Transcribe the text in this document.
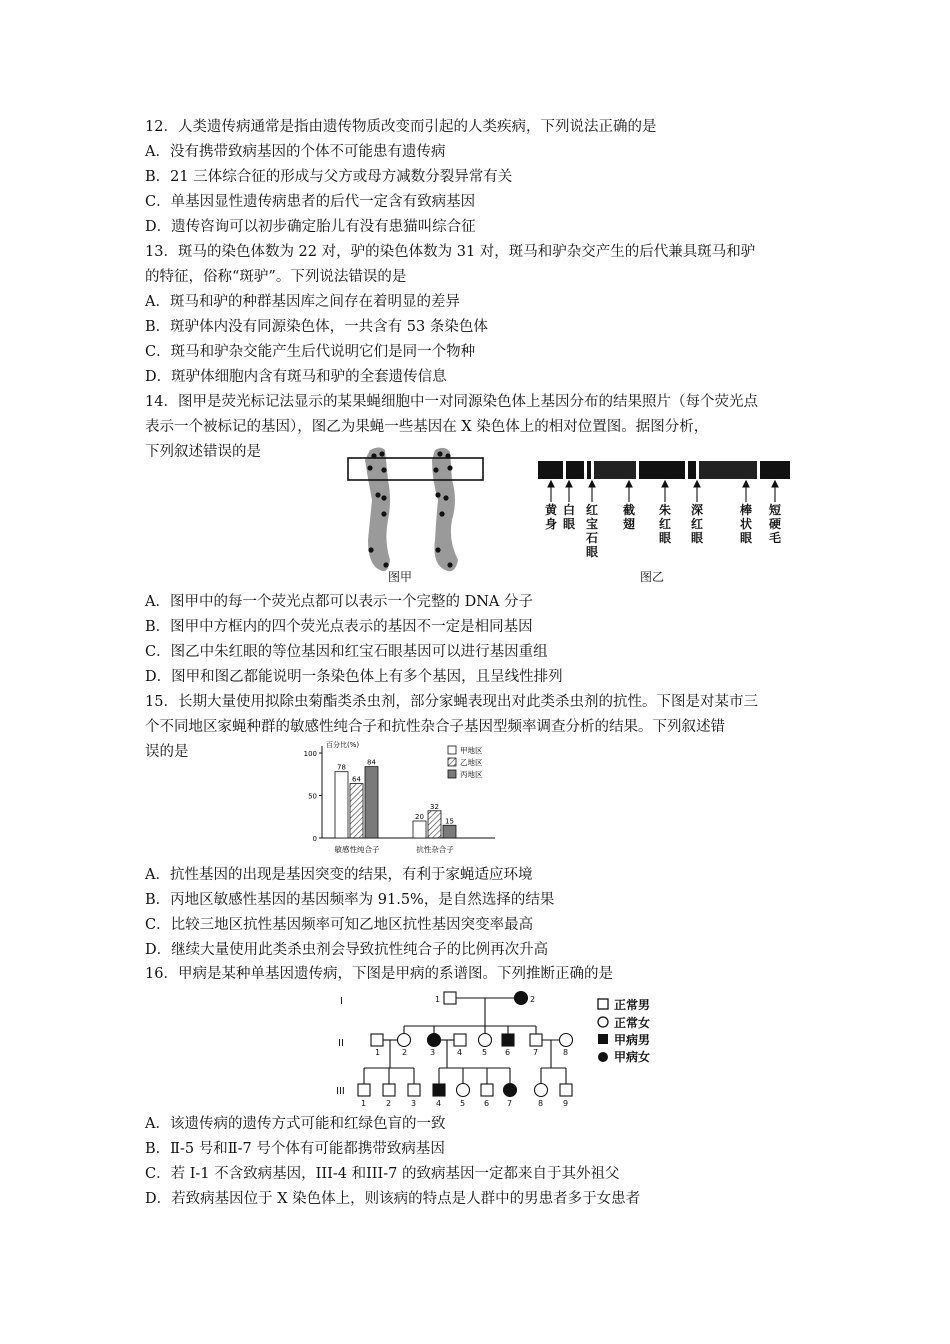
12．人类遗传病通常是指由遗传物质改变而引起的人类疾病，下列说法正确的是
A．没有携带致病基因的个体不可能患有遗传病
B．21 三体综合征的形成与父方或母方减数分裂异常有关
C．单基因显性遗传病患者的后代一定含有致病基因
D．遗传咨询可以初步确定胎儿有没有患猫叫综合征
13．斑马的染色体数为 22 对，驴的染色体数为 31 对，斑马和驴杂交产生的后代兼具斑马和驴
的特征，俗称“斑驴”。下列说法错误的是
A．斑马和驴的种群基因库之间存在着明显的差异
B．斑驴体内没有同源染色体，一共含有 53 条染色体
C．斑马和驴杂交能产生后代说明它们是同一个物种
D．斑驴体细胞内含有斑马和驴的全套遗传信息
14．图甲是荧光标记法显示的某果蝇细胞中一对同源染色体上基因分布的结果照片（每个荧光点
表示一个被标记的基因），图乙为果蝇一些基因在 X 染色体上的相对位置图。据图分析，
下列叙述错误的是
图甲
黄身
白眼
红宝石眼
截翅
朱红眼
深红眼
棒状眼
短硬毛
图乙
A．图甲中的每一个荧光点都可以表示一个完整的 DNA 分子
B．图甲中方框内的四个荧光点表示的基因不一定是相同基因
C．图乙中朱红眼的等位基因和红宝石眼基因可以进行基因重组
D．图甲和图乙都能说明一条染色体上有多个基因，且呈线性排列
15．长期大量使用拟除虫菊酯类杀虫剂，部分家蝇表现出对此类杀虫剂的抗性。下图是对某市三
个不同地区家蝇种群的敏感性纯合子和抗性杂合子基因型频率调查分析的结果。下列叙述错
误的是	百分比(%)
100
50
0
78
64
84
敏感性纯合子
20
32
15
抗性杂合子
甲地区
乙地区
丙地区
A．抗性基因的出现是基因突变的结果，有利于家蝇适应环境
B．丙地区敏感性基因的基因频率为 91.5%，是自然选择的结果
C．比较三地区抗性基因频率可知乙地区抗性基因突变率最高
D．继续大量使用此类杀虫剂会导致抗性纯合子的比例再次升高
16．甲病是某种单基因遗传病，下图是甲病的系谱图。下列推断正确的是
I
II
III
1	2
1	2	3	4 5 6	7	8
1 2 3 4 5 6 7	8 9
正常男
正常女
甲病男
甲病女
A．该遗传病的遗传方式可能和红绿色盲的一致
B．Ⅱ-5 号和Ⅱ-7 号个体有可能都携带致病基因
C．若 I-1 不含致病基因，III-4 和III-7 的致病基因一定都来自于其外祖父
D．若致病基因位于 X 染色体上，则该病的特点是人群中的男患者多于女患者
